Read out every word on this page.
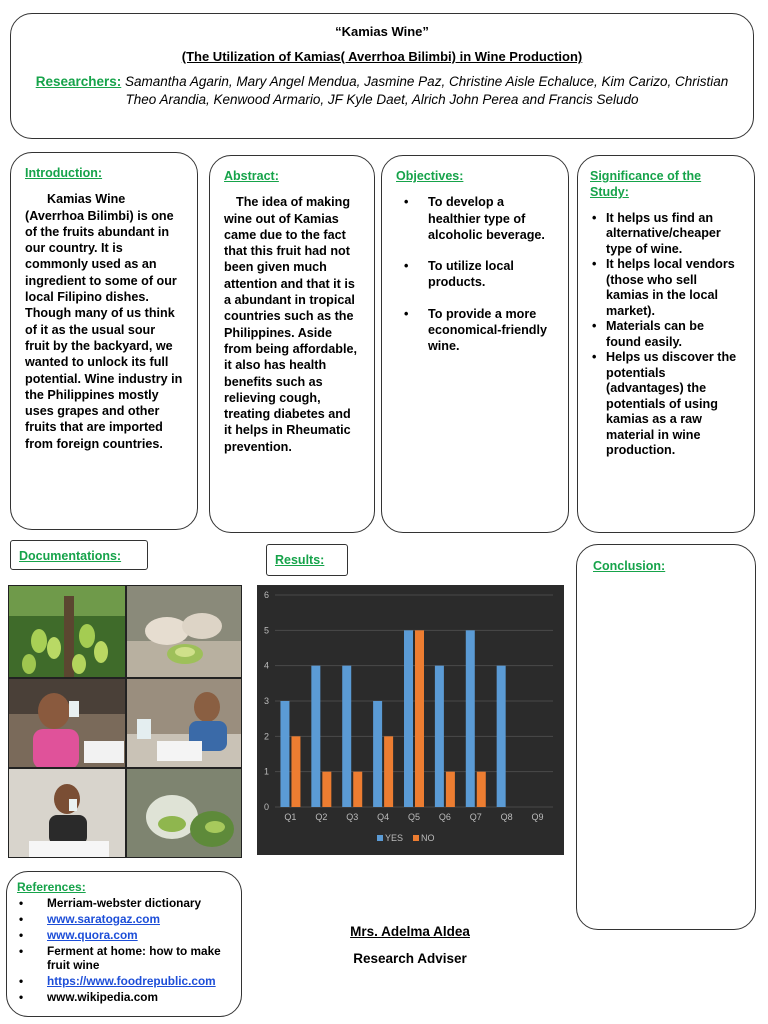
“Kamias Wine”
(The Utilization of Kamias( Averrhoa Bilimbi) in Wine Production)
Researchers: Samantha Agarin, Mary Angel Mendua, Jasmine Paz, Christine Aisle Echaluce, Kim Carizo, Christian Theo Arandia, Kenwood Armario, JF Kyle Daet, Alrich John Perea and Francis Seludo
Introduction:

Kamias Wine (Averrhoa Bilimbi) is one of the fruits abundant in our country. It is commonly used as an ingredient to some of our local Filipino dishes. Though many of us think of it as the usual sour fruit by the backyard, we wanted to unlock its full potential. Wine industry in the Philippines mostly uses grapes and other fruits that are imported from foreign countries.

Abstract:

The idea of making wine out of Kamias came due to the fact that this fruit had not been given much attention and that it is a abundant in tropical countries such as the Philippines. Aside from being affordable, it also has health benefits such as relieving cough, treating diabetes and it helps in Rheumatic prevention.

Objectives:
• To develop a healthier type of alcoholic beverage.
• To utilize local products.
• To provide a more economical-friendly wine.
Significance of the Study:
• It helps us find an alternative/cheaper type of wine.
• It helps local vendors (those who sell kamias in the local market).
• Materials can be found easily.
• Helps us discover the potentials (advantages) the potentials of using kamias as a raw material in wine production.
Documentations:	Results:
0
1
2
3
4
5
6
Q1 Q2 Q3 Q4 Q5 Q6 Q7 Q8 Q9
YES NO
Conclusion:
References:
• Merriam-webster dictionary
• www.saratogaz.com
• www.quora.com
• Ferment at home: how to make fruit wine
• https://www.foodrepublic.com
• www.wikipedia.com
Mrs. Adelma Aldea
Research Adviser
